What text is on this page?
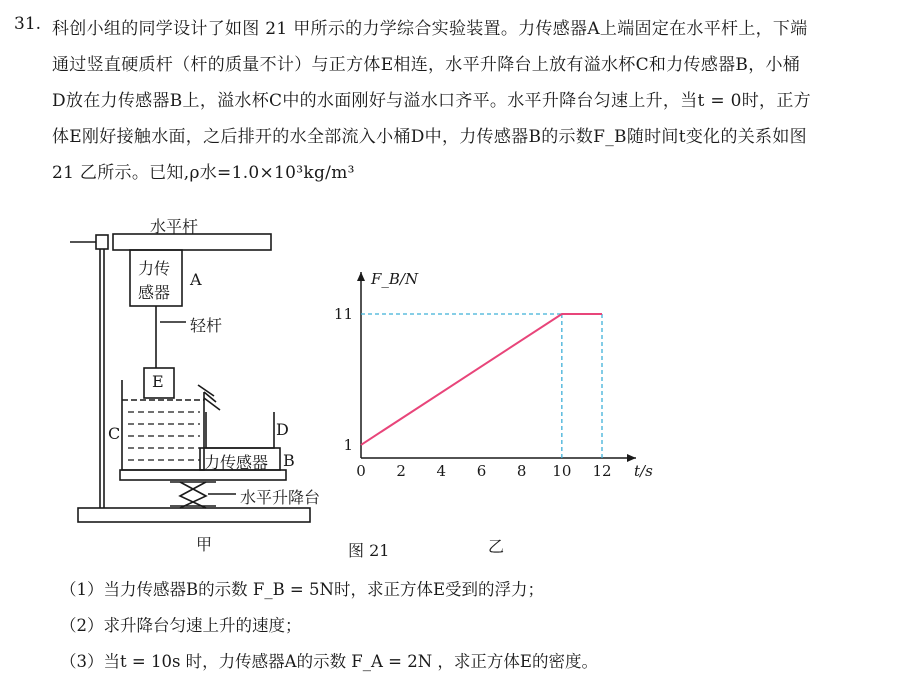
31. 科创小组的同学设计了如图 21 甲所示的力学综合实验装置。力传感器A上端固定在水平杆上，下端
通过竖直硬质杆（杆的质量不计）与正方体E相连，水平升降台上放有溢水杯C和力传感器B，小桶
D放在力传感器B上，溢水杯C中的水面刚好与溢水口齐平。水平升降台匀速上升，当t = 0时，正方
体E刚好接触水面，之后排开的水全部流入小桶D中，力传感器B的示数F_B随时间t变化的关系如图
21 乙所示。已知,ρ水=1.0×10³kg/m³
水平杆
力传
感器
A
轻杆
E
C	D
力传感器 B
水平升降台
甲
F_B/N
t/s
0 2 4 6 8 10 12
1
11
乙
图 21
（1）当力传感器B的示数 F_B = 5N时，求正方体E受到的浮力；
（2）求升降台匀速上升的速度；
（3）当t = 10s 时，力传感器A的示数 F_A = 2N ，求正方体E的密度。
